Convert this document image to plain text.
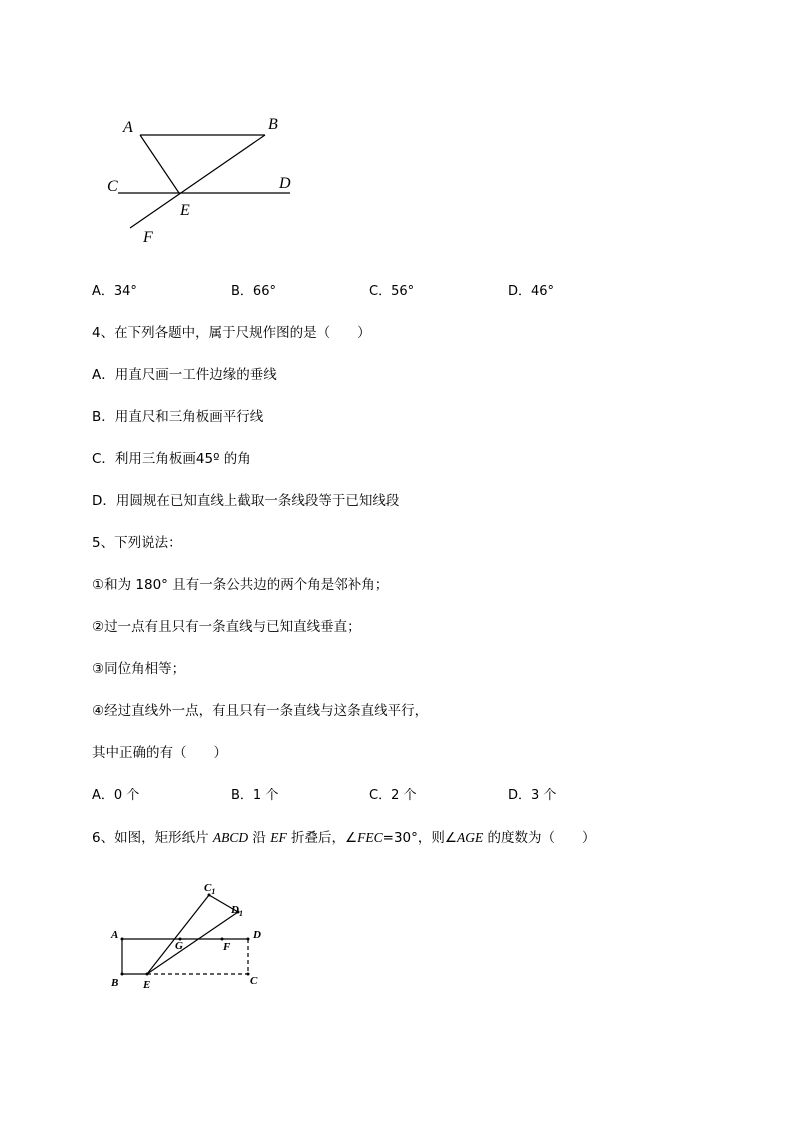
A	B
C	D
E
F
A．34°	B．66°	C．56°	D．46°
4、在下列各题中，属于尺规作图的是（　　）
A．用直尺画一工件边缘的垂线
B．用直尺和三角板画平行线
C．利用三角板画45º 的角
D．用圆规在已知直线上截取一条线段等于已知线段
5、下列说法：
①和为 180° 且有一条公共边的两个角是邻补角；
②过一点有且只有一条直线与已知直线垂直；
③同位角相等；
④经过直线外一点，有且只有一条直线与这条直线平行，
其中正确的有（　　）
A．0 个	B．1 个	C．2 个	D．3 个
6、如图，矩形纸片 ABCD 沿 EF 折叠后，∠FEC=30°，则∠AGE 的度数为（　　）
A
B E	C
D
G	F
$C_1$
$D_1$
